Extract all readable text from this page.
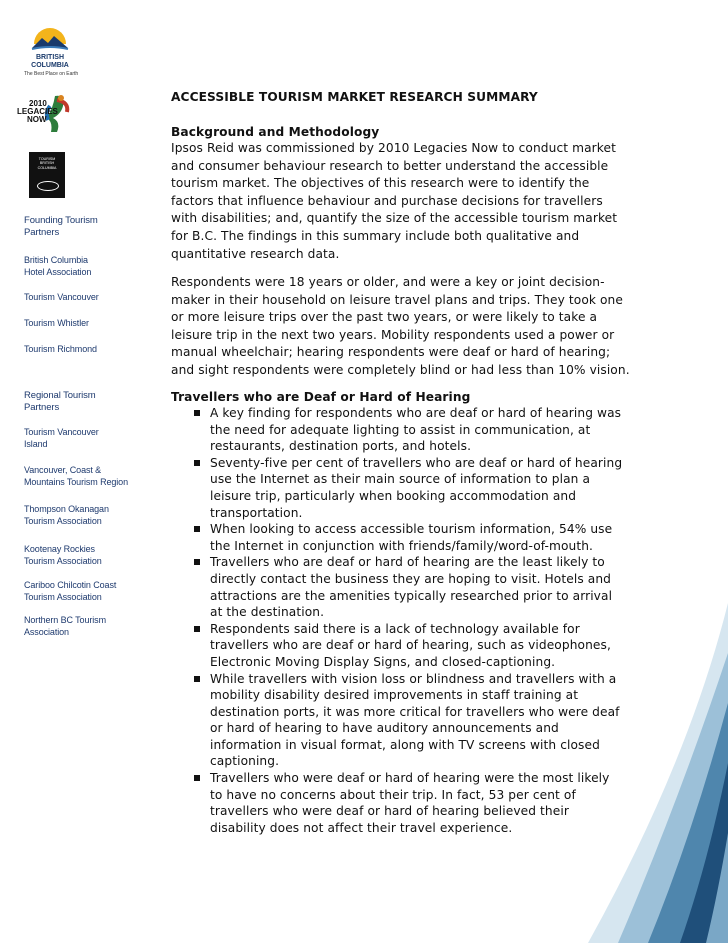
BRITISH
COLUMBIA
The Best Place on Earth
2010
LEGACIES
NOW
TOURISM
BRITISH
COLUMBIA
Founding Tourism
Partners
British Columbia
Hotel Association
Tourism Vancouver
Tourism Whistler
Tourism Richmond
Regional Tourism
Partners
Tourism Vancouver
Island
Vancouver, Coast &
Mountains Tourism Region
Thompson Okanagan
Tourism Association
Kootenay Rockies
Tourism Association
Cariboo Chilcotin Coast
Tourism Association
Northern BC Tourism
Association
ACCESSIBLE TOURISM MARKET RESEARCH SUMMARY
Background and Methodology
Ipsos Reid was commissioned by 2010 Legacies Now to conduct market
and consumer behaviour research to better understand the accessible
tourism market. The objectives of this research were to identify the
factors that influence behaviour and purchase decisions for travellers
with disabilities; and, quantify the size of the accessible tourism market
for B.C. The findings in this summary include both qualitative and
quantitative research data.
Respondents were 18 years or older, and were a key or joint decision-
maker in their household on leisure travel plans and trips. They took one
or more leisure trips over the past two years, or were likely to take a
leisure trip in the next two years. Mobility respondents used a power or
manual wheelchair; hearing respondents were deaf or hard of hearing;
and sight respondents were completely blind or had less than 10% vision.
Travellers who are Deaf or Hard of Hearing
A key finding for respondents who are deaf or hard of hearing was
the need for adequate lighting to assist in communication, at
restaurants, destination ports, and hotels.
Seventy-five per cent of travellers who are deaf or hard of hearing
use the Internet as their main source of information to plan a
leisure trip, particularly when booking accommodation and
transportation.
When looking to access accessible tourism information, 54% use
the Internet in conjunction with friends/family/word-of-mouth.
Travellers who are deaf or hard of hearing are the least likely to
directly contact the business they are hoping to visit. Hotels and
attractions are the amenities typically researched prior to arrival
at the destination.
Respondents said there is a lack of technology available for
travellers who are deaf or hard of hearing, such as videophones,
Electronic Moving Display Signs, and closed-captioning.
While travellers with vision loss or blindness and travellers with a
mobility disability desired improvements in staff training at
destination ports, it was more critical for travellers who were deaf
or hard of hearing to have auditory announcements and
information in visual format, along with TV screens with closed
captioning.
Travellers who were deaf or hard of hearing were the most likely
to have no concerns about their trip. In fact, 53 per cent of
travellers who were deaf or hard of hearing believed their
disability does not affect their travel experience.
